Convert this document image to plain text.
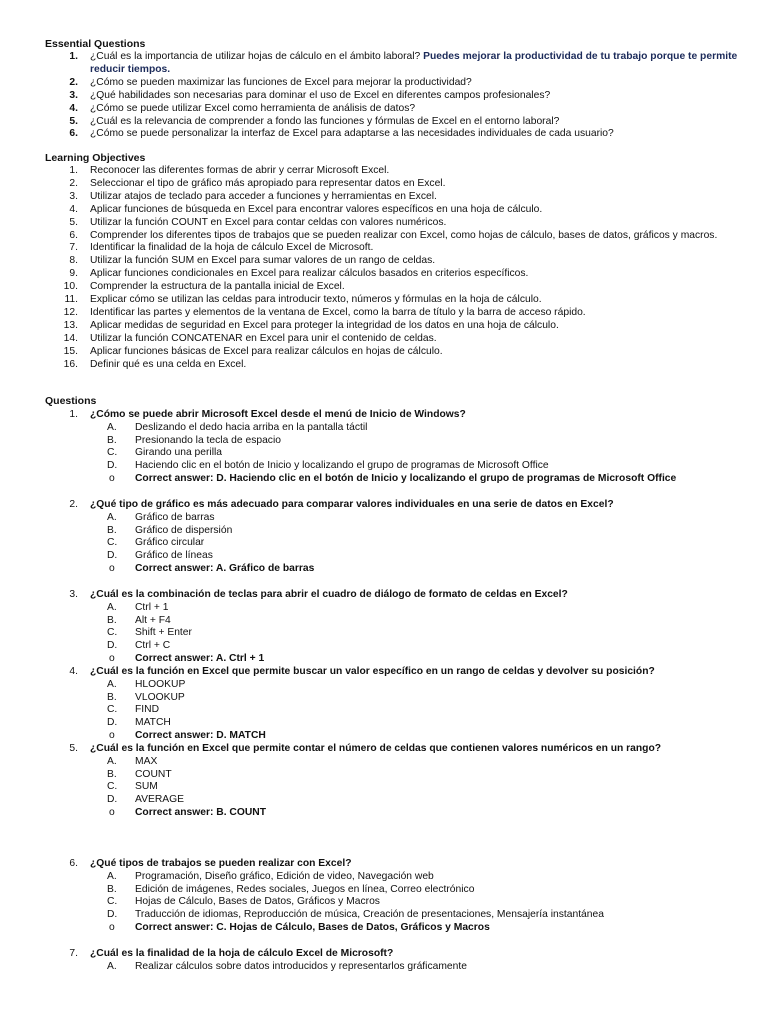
Essential Questions
1. ¿Cuál es la importancia de utilizar hojas de cálculo en el ámbito laboral? Puedes mejorar la productividad de tu trabajo porque te permite reducir tiempos.
2. ¿Cómo se pueden maximizar las funciones de Excel para mejorar la productividad?
3. ¿Qué habilidades son necesarias para dominar el uso de Excel en diferentes campos profesionales?
4. ¿Cómo se puede utilizar Excel como herramienta de análisis de datos?
5. ¿Cuál es la relevancia de comprender a fondo las funciones y fórmulas de Excel en el entorno laboral?
6. ¿Cómo se puede personalizar la interfaz de Excel para adaptarse a las necesidades individuales de cada usuario?
Learning Objectives
1. Reconocer las diferentes formas de abrir y cerrar Microsoft Excel.
2. Seleccionar el tipo de gráfico más apropiado para representar datos en Excel.
3. Utilizar atajos de teclado para acceder a funciones y herramientas en Excel.
4. Aplicar funciones de búsqueda en Excel para encontrar valores específicos en una hoja de cálculo.
5. Utilizar la función COUNT en Excel para contar celdas con valores numéricos.
6. Comprender los diferentes tipos de trabajos que se pueden realizar con Excel, como hojas de cálculo, bases de datos, gráficos y macros.
7. Identificar la finalidad de la hoja de cálculo Excel de Microsoft.
8. Utilizar la función SUM en Excel para sumar valores de un rango de celdas.
9. Aplicar funciones condicionales en Excel para realizar cálculos basados en criterios específicos.
10. Comprender la estructura de la pantalla inicial de Excel.
11. Explicar cómo se utilizan las celdas para introducir texto, números y fórmulas en la hoja de cálculo.
12. Identificar las partes y elementos de la ventana de Excel, como la barra de título y la barra de acceso rápido.
13. Aplicar medidas de seguridad en Excel para proteger la integridad de los datos en una hoja de cálculo.
14. Utilizar la función CONCATENAR en Excel para unir el contenido de celdas.
15. Aplicar funciones básicas de Excel para realizar cálculos en hojas de cálculo.
16. Definir qué es una celda en Excel.
Questions
1. ¿Cómo se puede abrir Microsoft Excel desde el menú de Inicio de Windows?
A.	Deslizando el dedo hacia arriba en la pantalla táctil
B.	Presionando la tecla de espacio
C.	Girando una perilla
D.	Haciendo clic en el botón de Inicio y localizando el grupo de programas de Microsoft Office
o Correct answer: D. Haciendo clic en el botón de Inicio y localizando el grupo de programas de Microsoft Office
2. ¿Qué tipo de gráfico es más adecuado para comparar valores individuales en una serie de datos en Excel?
A.	Gráfico de barras
B.	Gráfico de dispersión
C.	Gráfico circular
D.	Gráfico de líneas
o Correct answer: A. Gráfico de barras
3. ¿Cuál es la combinación de teclas para abrir el cuadro de diálogo de formato de celdas en Excel?
A.	Ctrl + 1
B.	Alt + F4
C.	Shift + Enter
D.	Ctrl + C
o Correct answer: A. Ctrl + 1
4. ¿Cuál es la función en Excel que permite buscar un valor específico en un rango de celdas y devolver su posición?
A.	HLOOKUP
B.	VLOOKUP
C.	FIND
D.	MATCH
o Correct answer: D. MATCH
5. ¿Cuál es la función en Excel que permite contar el número de celdas que contienen valores numéricos en un rango?
A.	MAX
B.	COUNT
C.	SUM
D.	AVERAGE
o Correct answer: B. COUNT
6. ¿Qué tipos de trabajos se pueden realizar con Excel?
A.	Programación, Diseño gráfico, Edición de video, Navegación web
B.	Edición de imágenes, Redes sociales, Juegos en línea, Correo electrónico
C.	Hojas de Cálculo, Bases de Datos, Gráficos y Macros
D.	Traducción de idiomas, Reproducción de música, Creación de presentaciones, Mensajería instantánea
o Correct answer: C. Hojas de Cálculo, Bases de Datos, Gráficos y Macros
7. ¿Cuál es la finalidad de la hoja de cálculo Excel de Microsoft?
A.	Realizar cálculos sobre datos introducidos y representarlos gráficamente
